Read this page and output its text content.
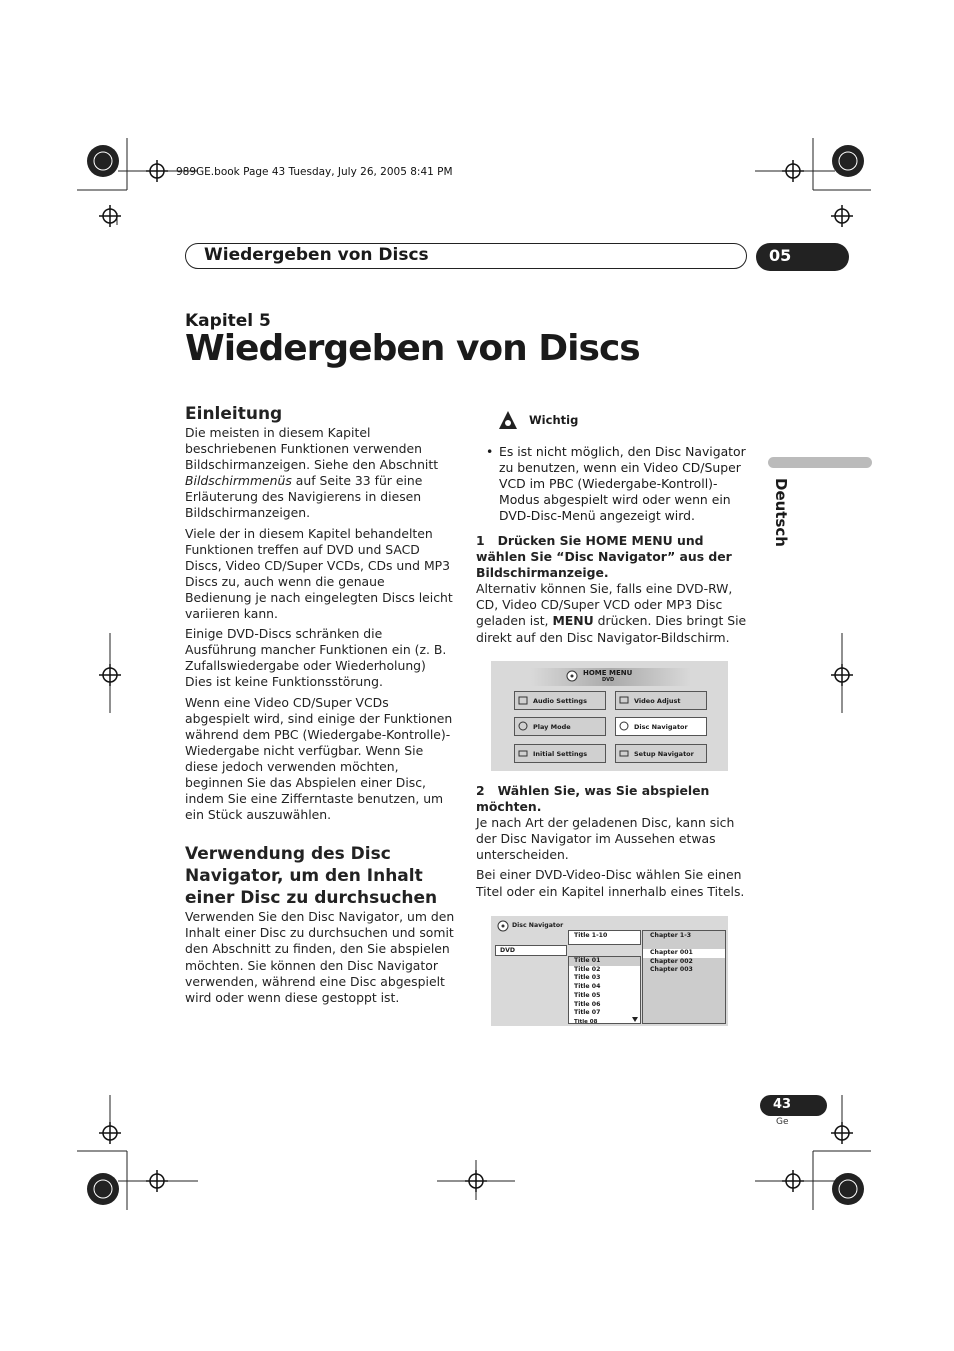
989GE.book Page 43 Tuesday, July 26, 2005 8:41 PM
Wiedergeben von Discs	05
Kapitel 5
Wiedergeben von Discs
Deutsch
Einleitung

Die meisten in diesem Kapitel beschriebenen Funktionen verwenden Bildschirmanzeigen. Siehe den Abschnitt Bildschirmmenüs auf Seite 33 für eine Erläuterung des Navigierens in diesen Bildschirmanzeigen.

Viele der in diesem Kapitel behandelten Funktionen treffen auf DVD und SACD Discs, Video CD/Super VCDs, CDs und MP3 Discs zu, auch wenn die genaue Bedienung je nach eingelegten Discs leicht variieren kann.

Einige DVD-Discs schränken die Ausführung mancher Funktionen ein (z. B. Zufallswiedergabe oder Wiederholung) Dies ist keine Funktionsstörung.

Wenn eine Video CD/Super VCDs abgespielt wird, sind einige der Funktionen während dem PBC (Wiedergabe-Kontrolle)-Wiedergabe nicht verfügbar. Wenn Sie diese jedoch verwenden möchten, beginnen Sie das Abspielen einer Disc, indem Sie eine Zifferntaste benutzen, um ein Stück auszuwählen.

Verwendung des Disc Navigator, um den Inhalt einer Disc zu durchsuchen

Verwenden Sie den Disc Navigator, um den Inhalt einer Disc zu durchsuchen und somit den Abschnitt zu finden, den Sie abspielen möchten. Sie können den Disc Navigator verwenden, während eine Disc abgespielt wird oder wenn diese gestoppt ist.

Wichtig
• Es ist nicht möglich, den Disc Navigator zu benutzen, wenn ein Video CD/Super VCD im PBC (Wiedergabe-Kontroll)-Modus abgespielt wird oder wenn ein DVD-Disc-Menü angezeigt wird.

1 Drücken Sie HOME MENU und wählen Sie “Disc Navigator” aus der Bildschirmanzeige.

Alternativ können Sie, falls eine DVD-RW, CD, Video CD/Super VCD oder MP3 Disc geladen ist, MENU drücken. Dies bringt Sie direkt auf den Disc Navigator-Bildschirm.

HOME MENU
DVD
Audio Settings	Video Adjust
Play Mode	Disc Navigator
Initial Settings	Setup Navigator

2 Wählen Sie, was Sie abspielen möchten.

Je nach Art der geladenen Disc, kann sich der Disc Navigator im Aussehen etwas unterscheiden.

Bei einer DVD-Video-Disc wählen Sie einen Titel oder ein Kapitel innerhalb eines Titels.

Disc Navigator
DVD
Title 1-10
Title 01
Title 02
Title 03
Title 04
Title 05
Title 06
Title 07
Title 08
Chapter 1-3
Chapter 001
Chapter 002
Chapter 003
43
Ge
